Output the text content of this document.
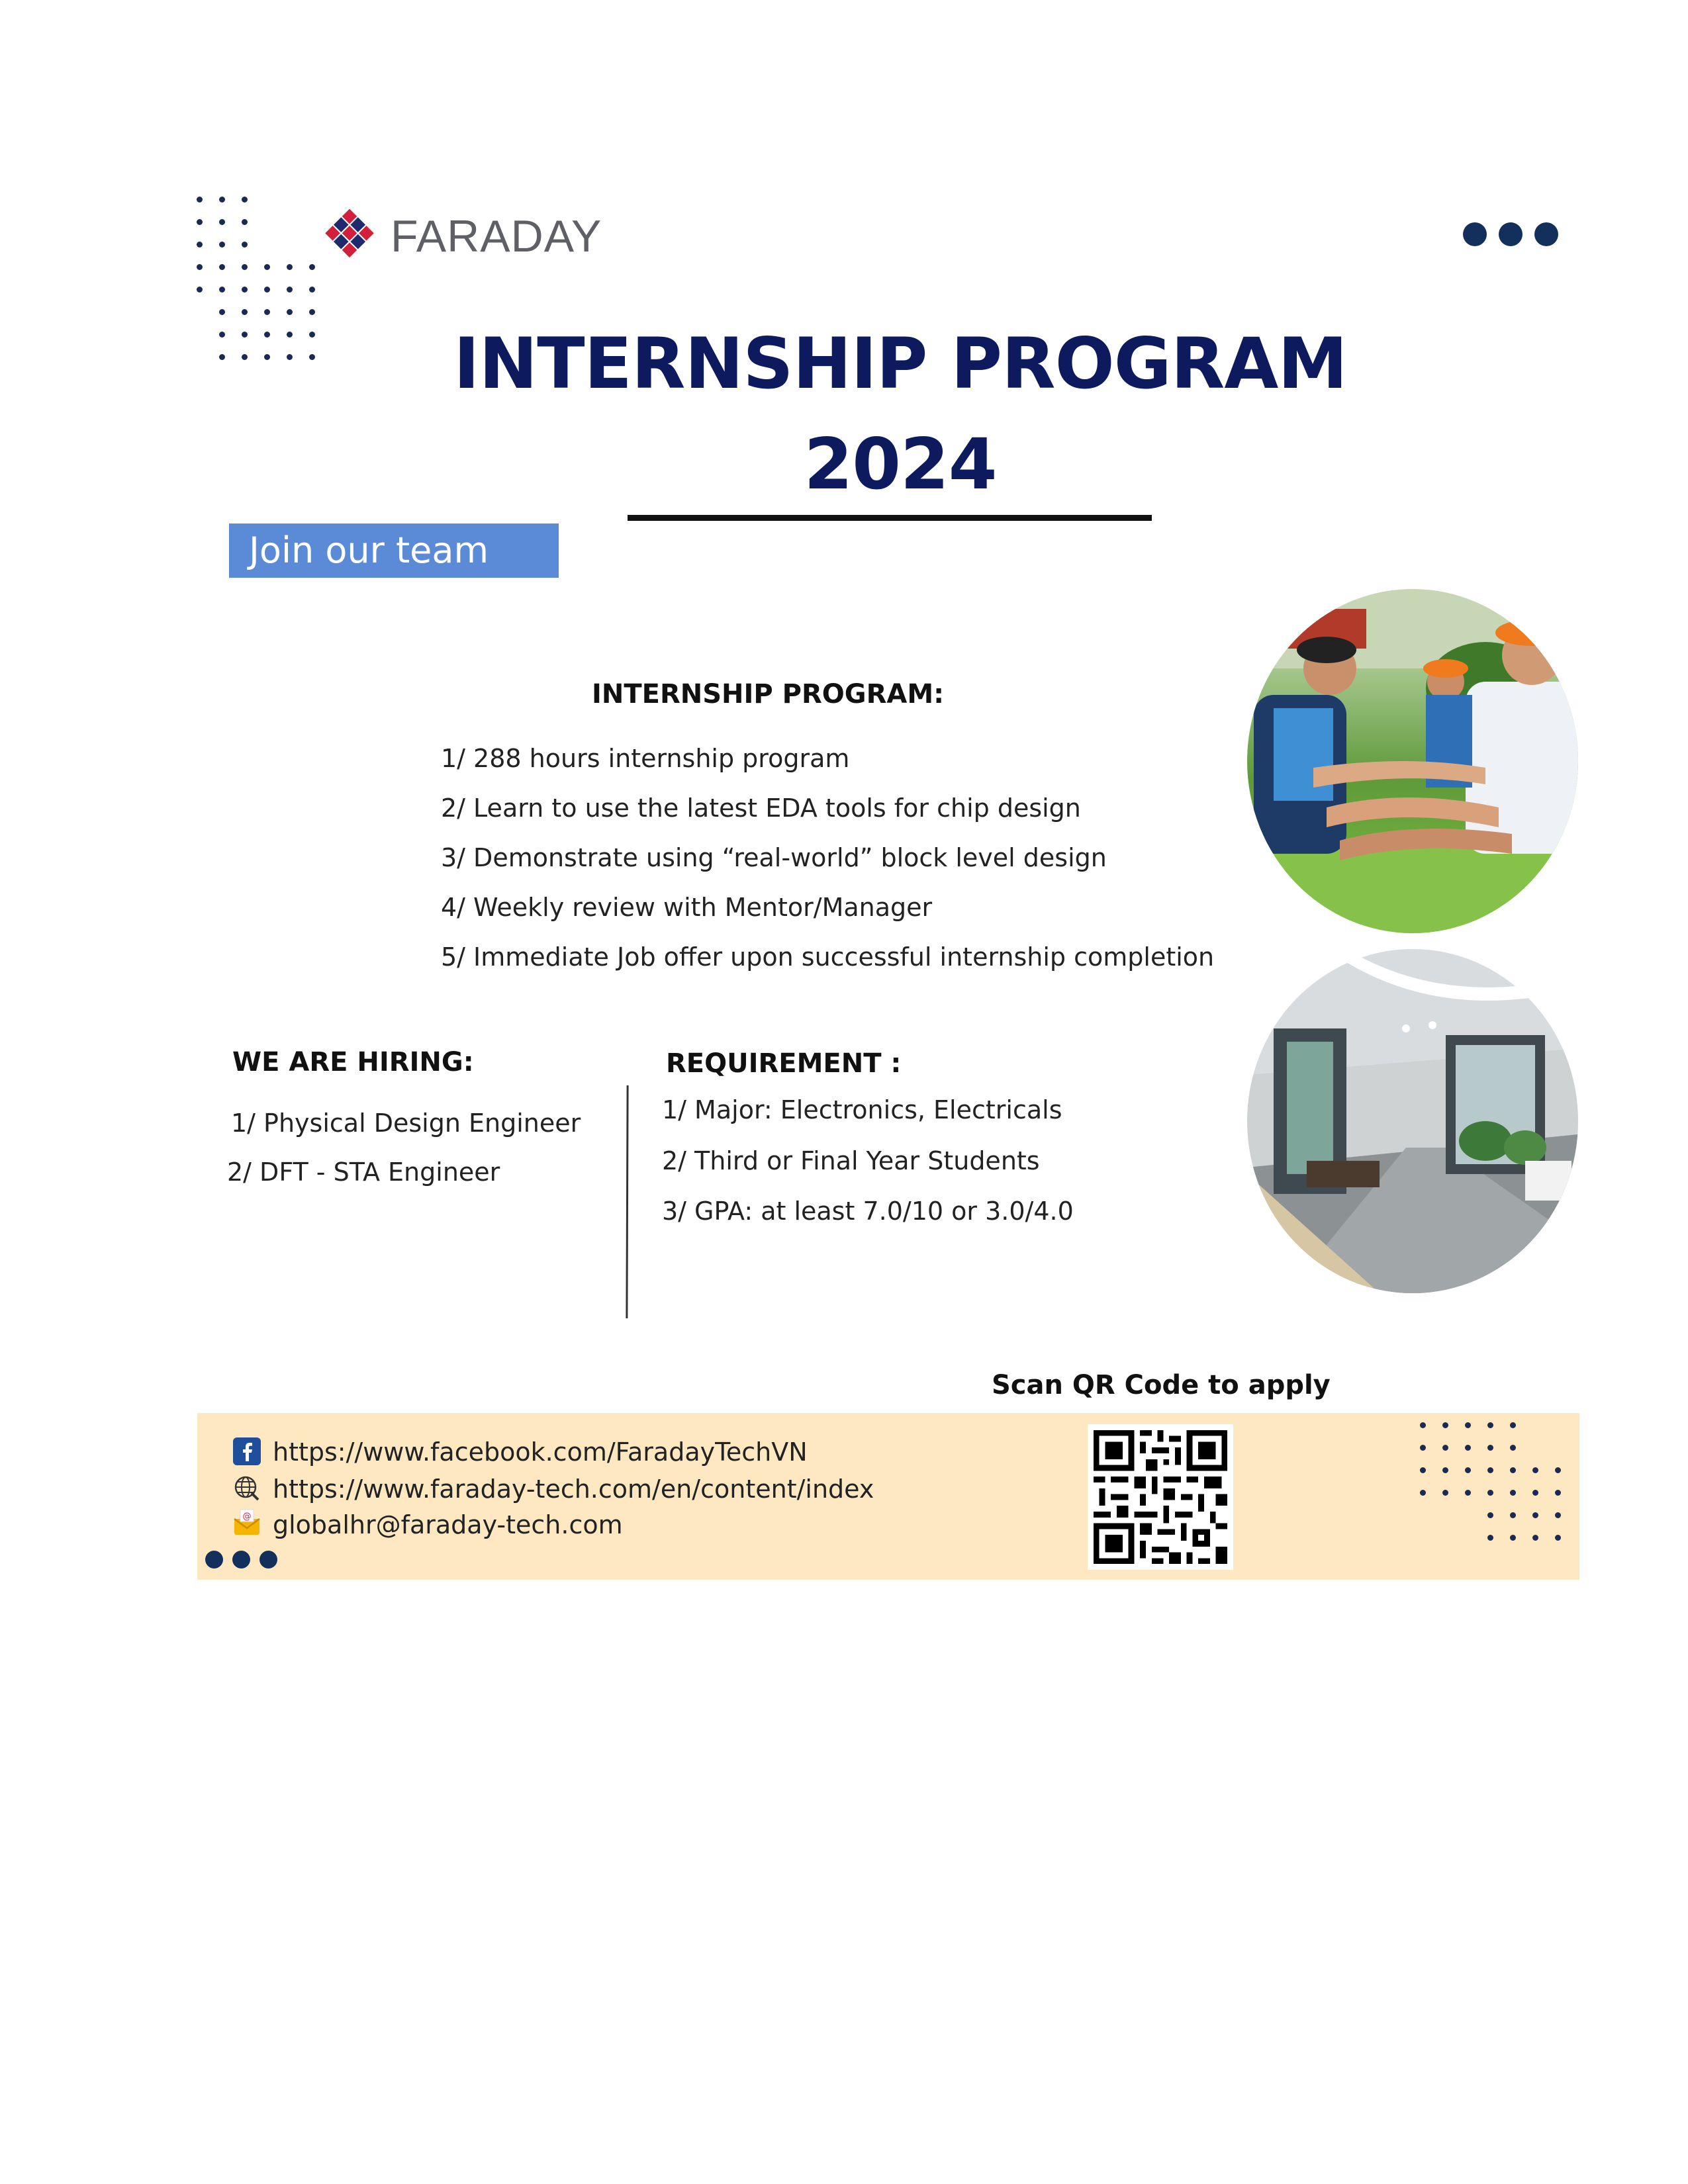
FARADAY
INTERNSHIP PROGRAM
2024
Join our team
INTERNSHIP PROGRAM:
1/ 288 hours internship program
2/ Learn to use the latest EDA tools for chip design
3/ Demonstrate using “real-world” block level design
4/ Weekly review with Mentor/Manager
5/ Immediate Job offer upon successful internship completion
WE ARE HIRING:
1/ Physical Design Engineer
2/ DFT - STA Engineer
REQUIREMENT :
1/ Major: Electronics, Electricals
2/ Third or Final Year Students
3/ GPA: at least 7.0/10 or 3.0/4.0
Scan QR Code to apply
https://www.facebook.com/FaradayTechVN
https://www.faraday-tech.com/en/content/index
@ globalhr@faraday-tech.com
